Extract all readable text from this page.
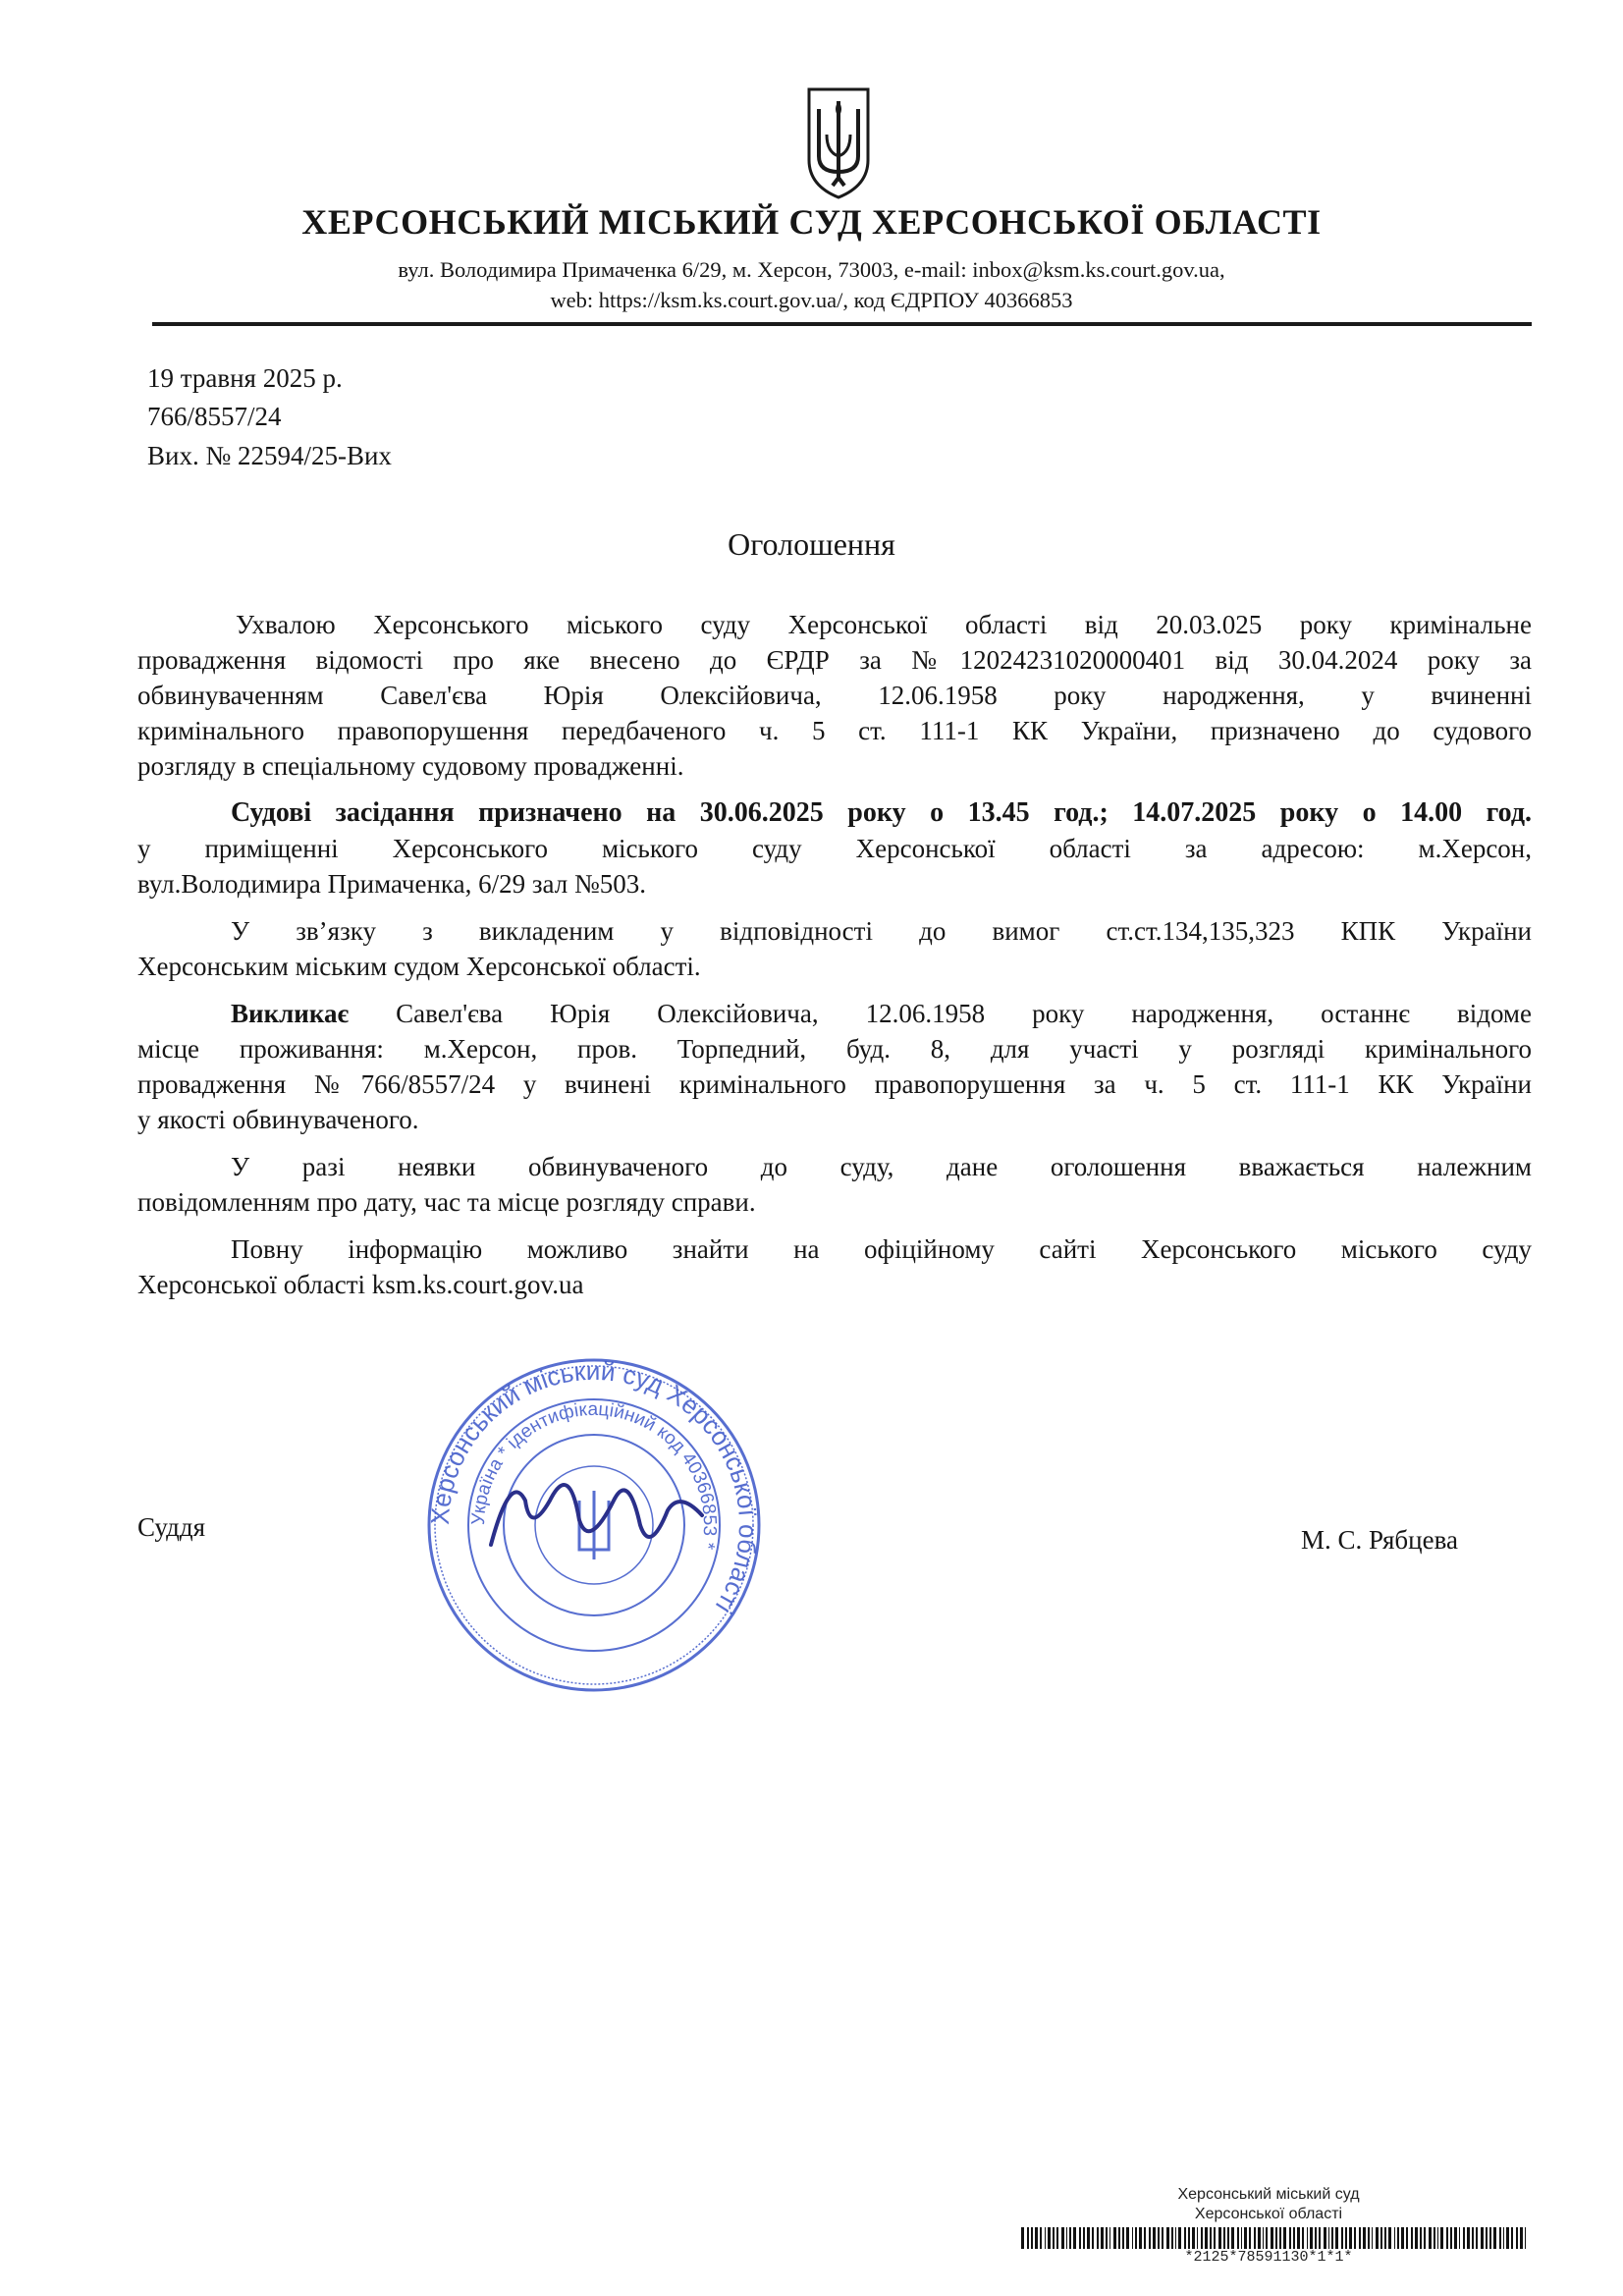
ХЕРСОНСЬКИЙ МІСЬКИЙ СУД ХЕРСОНСЬКОЇ ОБЛАСТІ
вул. Володимира Примаченка 6/29, м. Херсон, 73003, e-mail: inbox@ksm.ks.court.gov.ua,
web: https://ksm.ks.court.gov.ua/, код ЄДРПОУ 40366853
19 травня 2025 р.
766/8557/24
Вих. № 22594/25-Вих
Оголошення
Ухвалою Херсонського міського суду Херсонської області від 20.03.025 року кримінальне
провадження відомості про яке внесено до ЄРДР за №12024231020000401 від 30.04.2024 року за
обвинуваченням Савел'єва Юрія Олексійовича, 12.06.1958 року народження, у вчиненні
кримінального правопорушення передбаченого ч. 5 ст. 111-1 КК України, призначено до судового
розгляду в спеціальному судовому провадженні.
Судові засідання призначено на 30.06.2025 року о 13.45 год.; 14.07.2025 року о 14.00 год.
у приміщенні Херсонського міського суду Херсонської області за адресою: м.Херсон,
вул.Володимира Примаченка, 6/29 зал №503.
У зв’язку з викладеним у відповідності до вимог ст.ст.134,135,323 КПК України
Херсонським міським судом Херсонської області.
Викликає Савел'єва Юрія Олексійовича, 12.06.1958 року народження, останнє відоме
місце проживання: м.Херсон, пров. Торпедний, буд. 8, для участі у розгляді кримінального
провадження №766/8557/24 у вчинені кримінального правопорушення за ч. 5 ст. 111-1 КК України
у якості обвинуваченого.
У разі неявки обвинуваченого до суду, дане оголошення вважається належним
повідомленням про дату, час та місце розгляду справи.
Повну інформацію можливо знайти на офіційному сайті Херсонського міського суду
Херсонської області ksm.ks.court.gov.ua
Херсонський міський суд Херсонської області
Україна * ідентифікаційний код 40366853 *
Суддя	М. С. Рябцева
Херсонський міський суд
Херсонської області
*2125*78591130*1*1*
